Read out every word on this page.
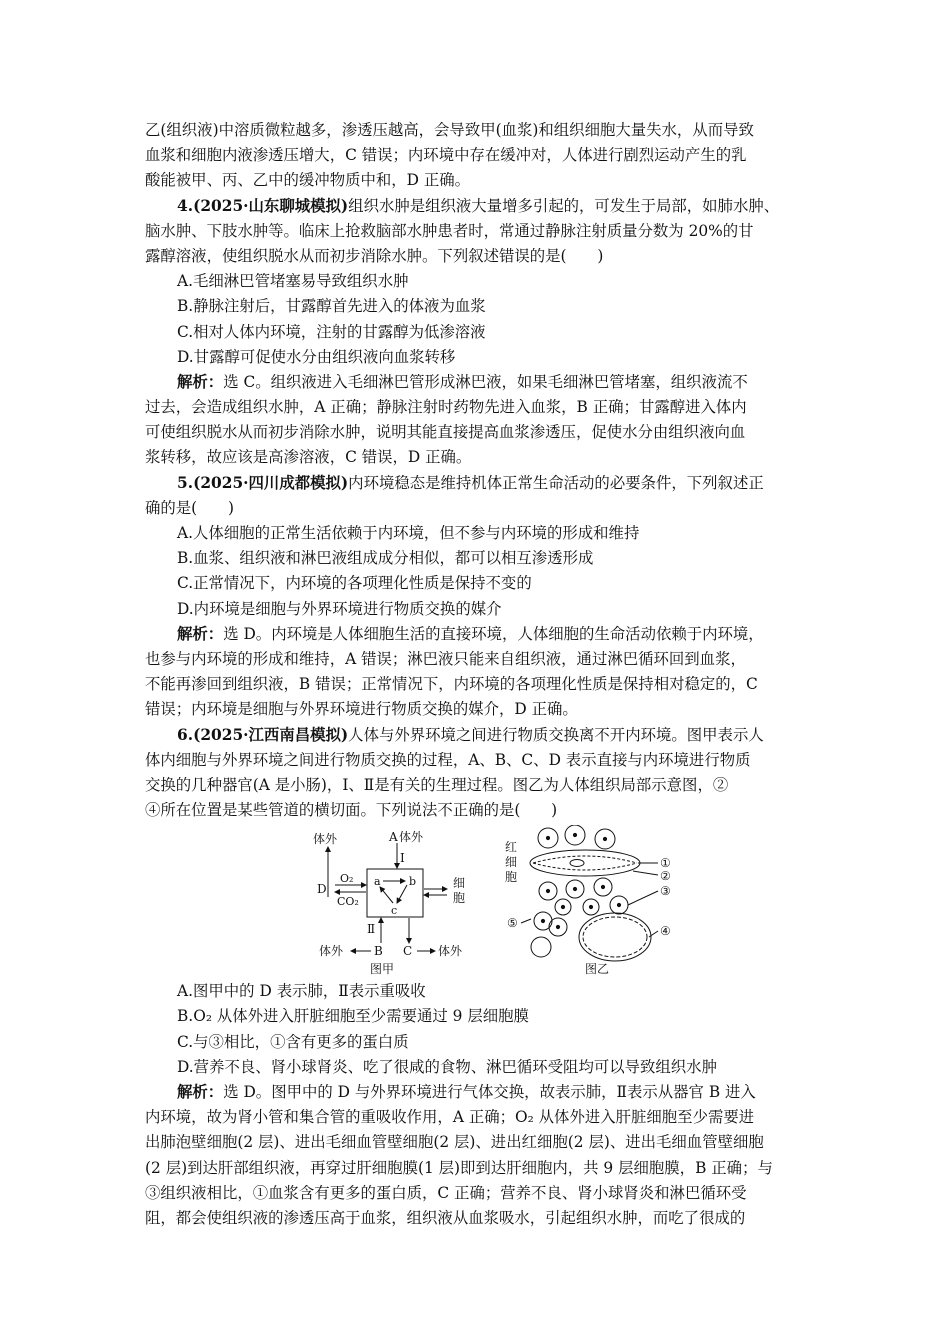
乙(组织液)中溶质微粒越多，渗透压越高，会导致甲(血浆)和组织细胞大量失水，从而导致
血浆和细胞内液渗透压增大，C 错误；内环境中存在缓冲对，人体进行剧烈运动产生的乳
酸能被甲、丙、乙中的缓冲物质中和，D 正确。
4.(2025·山东聊城模拟)组织水肿是组织液大量增多引起的，可发生于局部，如肺水肿、
脑水肿、下肢水肿等。临床上抢救脑部水肿患者时，常通过静脉注射质量分数为 20%的甘
露醇溶液，使组织脱水从而初步消除水肿。下列叙述错误的是(　　)
A.毛细淋巴管堵塞易导致组织水肿
B.静脉注射后，甘露醇首先进入的体液为血浆
C.相对人体内环境，注射的甘露醇为低渗溶液
D.甘露醇可促使水分由组织液向血浆转移
解析：选 C。组织液进入毛细淋巴管形成淋巴液，如果毛细淋巴管堵塞，组织液流不
过去，会造成组织水肿，A 正确；静脉注射时药物先进入血浆，B 正确；甘露醇进入体内
可使组织脱水从而初步消除水肿，说明其能直接提高血浆渗透压，促使水分由组织液向血
浆转移，故应该是高渗溶液，C 错误，D 正确。
5.(2025·四川成都模拟)内环境稳态是维持机体正常生命活动的必要条件，下列叙述正
确的是(　　)
A.人体细胞的正常生活依赖于内环境，但不参与内环境的形成和维持
B.血浆、组织液和淋巴液组成成分相似，都可以相互渗透形成
C.正常情况下，内环境的各项理化性质是保持不变的
D.内环境是细胞与外界环境进行物质交换的媒介
解析：选 D。内环境是人体细胞生活的直接环境，人体细胞的生命活动依赖于内环境，
也参与内环境的形成和维持，A 错误；淋巴液只能来自组织液，通过淋巴循环回到血浆，
不能再渗回到组织液，B 错误；正常情况下，内环境的各项理化性质是保持相对稳定的，C
错误；内环境是细胞与外界环境进行物质交换的媒介，D 正确。
6.(2025·江西南昌模拟)人体与外界环境之间进行物质交换离不开内环境。图甲表示人
体内细胞与外界环境之间进行物质交换的过程，A、B、C、D 表示直接与内环境进行物质
交换的几种器官(A 是小肠)，Ⅰ、Ⅱ是有关的生理过程。图乙为人体组织局部示意图，②
④所在位置是某些管道的横切面。下列说法不正确的是(　　)
A 体外
Ⅰ
体外
O₂
CO₂
D
a	b
c
Ⅱ
细
胞
体外	B C 体外
图甲
红
细
胞
①
②
③
④
⑤
图乙
A.图甲中的 D 表示肺，Ⅱ表示重吸收
B.O₂ 从体外进入肝脏细胞至少需要通过 9 层细胞膜
C.与③相比，①含有更多的蛋白质
D.营养不良、肾小球肾炎、吃了很咸的食物、淋巴循环受阻均可以导致组织水肿
解析：选 D。图甲中的 D 与外界环境进行气体交换，故表示肺，Ⅱ表示从器官 B 进入
内环境，故为肾小管和集合管的重吸收作用，A 正确；O₂ 从体外进入肝脏细胞至少需要进
出肺泡壁细胞(2 层)、进出毛细血管壁细胞(2 层)、进出红细胞(2 层)、进出毛细血管壁细胞
(2 层)到达肝部组织液，再穿过肝细胞膜(1 层)即到达肝细胞内，共 9 层细胞膜，B 正确；与
③组织液相比，①血浆含有更多的蛋白质，C 正确；营养不良、肾小球肾炎和淋巴循环受
阻，都会使组织液的渗透压高于血浆，组织液从血浆吸水，引起组织水肿，而吃了很成的
